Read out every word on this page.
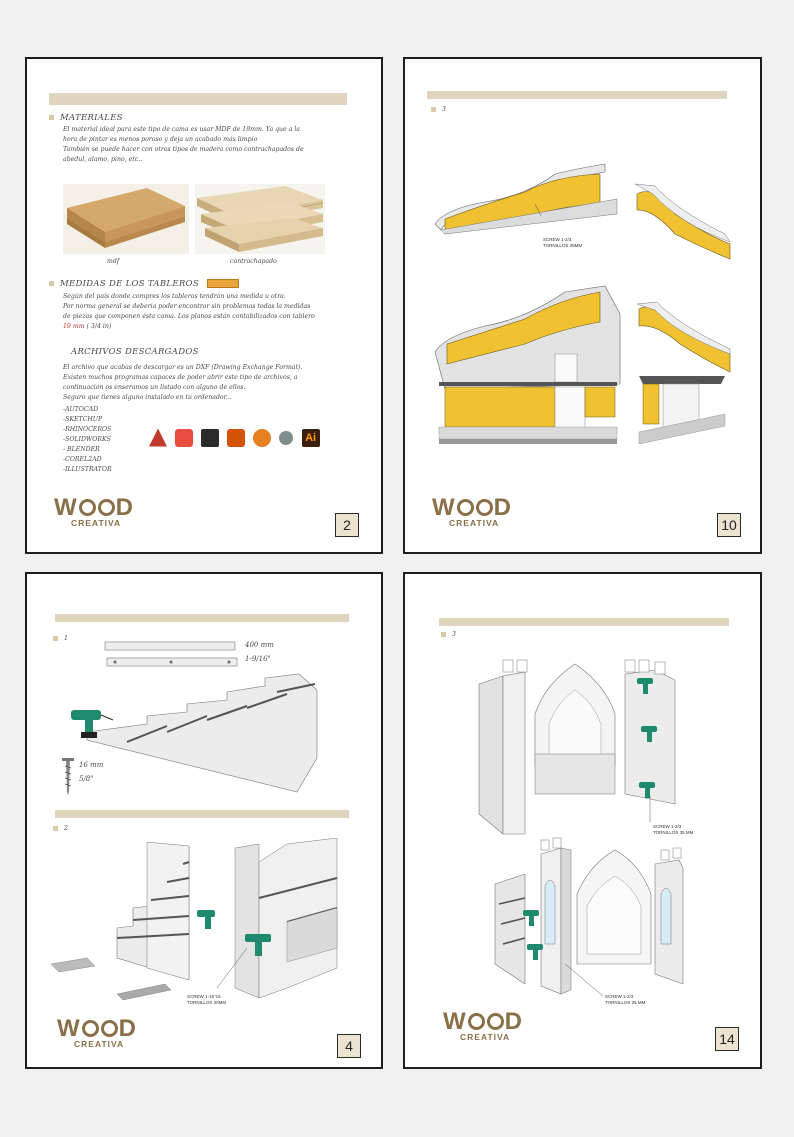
MATERIALES
El material ideal para este tipo de cama es usar MDF de 19mm. Ya que a la
hora de pintar es menos poroso y deja un acabado más limpio
También se puede hacer con otros tipos de madera como contrachapados de
abedul, alamo, pino, etc..
mdf	contrachapado
MEDIDAS DE LOS TABLEROS
Según del país donde compres los tableros tendrán una medida u otra.
Por norma general se deberia poder encontrar sin problemas todas la medidas
de piezas que componen ésta cama. Los planos están contabilizados con tablero
19 mm ( 3/4 in)
ARCHIVOS DESCARGADOS
El archivo que acabas de descargar es un DXF (Drawing Exchange Format).
Existen muchos programas capaces de poder abrir este tipo de archivos, a
continuación os enseramos un listado con alguno de ellos.
Seguro que tienes alguno instalado en tu ordenador...
-AUTOCAD
-SKETCHUP
-RHINOCEROS
-SOLIDWORKS
- BLENDER
-COREL2AD
-ILLUSTRATOR
Ai
W D
CREATIVA	2
3
SCREW 1-2/3
TORNILLOS 35MM
W D
CREATIVA	10
1
400 mm
1-9/16"
16 mm
5/8"
2
SCREW 1-15"16
TORNILLOS 30MM
W D
CREATIVA	4
3
SCREW 1-2/3
TORNILLOS 35 MM
SCREW 1-2/3
TORNILLOS 35 MM
W D
CREATIVA	14
